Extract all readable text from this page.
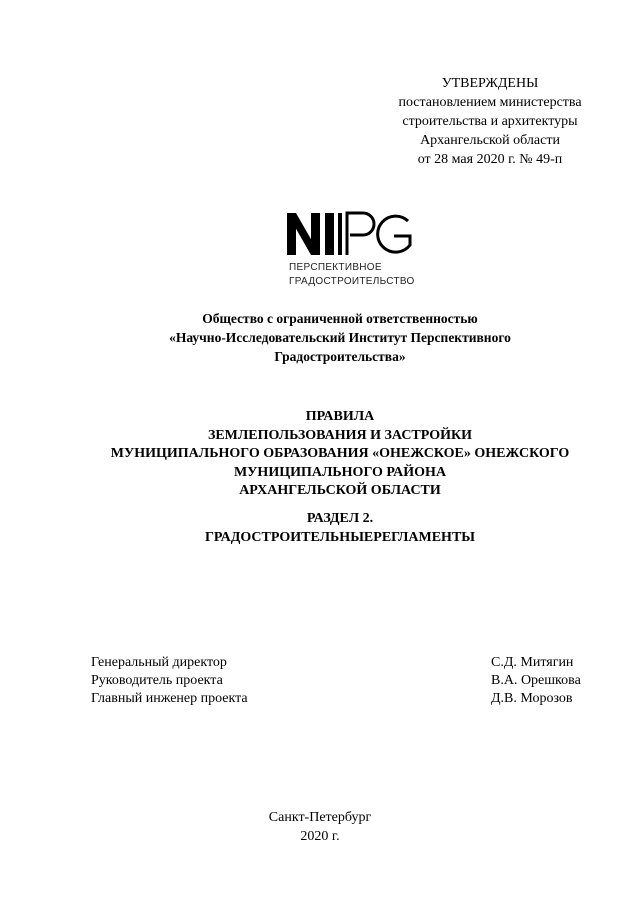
УТВЕРЖДЕНЫ
постановлением министерства
строительства и архитектуры
Архангельской области
от 28 мая 2020 г. № 49-п
ПЕРСПЕКТИВНОЕ
ГРАДОСТРОИТЕЛЬСТВО
Общество с ограниченной ответственностью
«Научно-Исследовательский Институт Перспективного
Градостроительства»
ПРАВИЛА
ЗЕМЛЕПОЛЬЗОВАНИЯ И ЗАСТРОЙКИ
МУНИЦИПАЛЬНОГО ОБРАЗОВАНИЯ «ОНЕЖСКОЕ» ОНЕЖСКОГО
МУНИЦИПАЛЬНОГО РАЙОНА
АРХАНГЕЛЬСКОЙ ОБЛАСТИ
РАЗДЕЛ 2.
ГРАДОСТРОИТЕЛЬНЫЕРЕГЛАМЕНТЫ
Генеральный директор	С.Д. Митягин
Руководитель проекта	В.А. Орешкова
Главный инженер проекта	Д.В. Морозов
Санкт-Петербург
2020 г.
